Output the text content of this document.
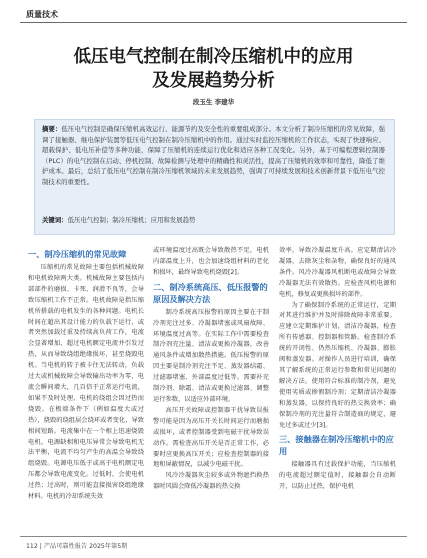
质量技术
低压电气控制在制冷压缩机中的应用
及发展趋势分析
段玉生 李建华
摘要：低压电气控制是确保压缩机高效运行、能源节约及安全性的重要组成部分。本文分析了制冷压缩机的常见故障，强调了接触器、继电保护装置等低压电气控制在制冷压缩机中的作用。通过实时监控压缩机的工作状态，实现了快速响应、超载保护、低电压补偿等多种功能，保障了压缩机的连续运行优化和适应各种工况变化。另外，基于可编程逻辑控制器（PLC）的电气控制在启动、停机控制、故障检测与处理中的精确性和灵活性，提高了压缩机的效率和可靠性，降低了维护成本。最后，总结了低压电气控制在制冷压缩机领域的未来发展趋势，强调了可持续发展和技术创新背景下低压电气控制技术的重要性。
关键词：低压电气控制；制冷压缩机；应用和发展趋势
一、制冷压缩机的常见故障

压缩机的常见故障主要包括机械故障和电机故障两大类。机械故障主要包括内部部件的磨损、卡死、润滑不良等，会导致压缩机工作不正常。电机故障是指压缩机所搭载的电机发生的各种问题。电机长时间在超出其设计能力的负载下运行，或者突然加载过重及持续高负荷工作，电流会显著增加，超过电机额定电流并引发过热，从而导致绕组绝缘损坏，甚至烧毁电机。当电机的转子被卡住无法转动，负载过大或机械故障会导致输出功率为零，电流会瞬间增大，几百倍于正常运行电流，如果不及时处理，电机的绕组会因过热而烧毁。在极端条件下（例如温度大或过热），烧毁的绕组层会绕环或者变化，导致相间短路。电流集中在一个相上迅速烧毁电机。电源缺相和电压异常会导致电机无法平衡，电流不均匀产生的高温会导致绕组烧毁。电源电压低于或高于电机额定电压都会导致电流变化。过低时，会使电机过热；过高时，则可能直接损害绕组绝缘材料。电机的冷却系统失效

或环境温度过高既会导致散热不足，电机内部温度上升，也会加速绕组材料的老化和损坏，最终导致电机烧毁[2]。

二、制冷系统高压、低压报警的原因及解决方法

制冷系统高压报警的原因主要在于制冷剂充注过多、冷凝器堵塞或风扇故障、环境温度过高等。在实际工作中需要检查制冷剂充注量、清洁或更换冷凝器，改善通风条件或增加散热措施。低压报警的原因主要是制冷剂充注不足、蒸发器结霜、过滤器堵塞、外部温度过低等。需要补充制冷剂、除霜、清洁或更换过滤器、调整运行参数，以适应外部环境。

高压开关故障或控制器干扰导致误报警可能是因为高压开关长时间运行而磨损或损坏，或者控制器受到电磁干扰导致误动作。需检查高压开关是否正常工作，必要时应更换高压开关；应检查控制器的接地和屏蔽情况，以减少电磁干扰。

风冷冷凝器灰尘较多或外物遮挡换热器时风圆会降低冷凝器的热交换

效率，导致冷凝温度升高。应定期清洁冷凝器，去除灰尘和杂物，确保良好的通风条件。风冷冷凝器风机断电或故障会导致冷凝器无法有效散热。应检查风机电源和电机，修复或更换损坏的部件。

为了确保制冷系统的正常运行，定期对其进行维护并及时排除故障非常重要。应建立定期维护计划，清洁冷凝器，检查所有传感器、控制器和管路。检查制冷系统的开闭性、仍然压缩机、冷凝器、膨胀阀和蒸发器。对操作人员进行培训，确保其了解系统的正常运行参数和常见问题的解决方法。使用符合标准的制冷剂，避免使用劣质或掺假制冷剂；定期清洁冷凝器和蒸发器，以保持良好的热交换效率；确保制冷剂的充注量符合制造商的规定，避免过多或过少[3]。

三、接触器在制冷压缩机中的应用

接触器具有过载保护功能，当压缩机的电流超过额定值时，接触器会自动断开，以防止过热，保护电机

112 | 产品可靠性报告 2025年第5期
